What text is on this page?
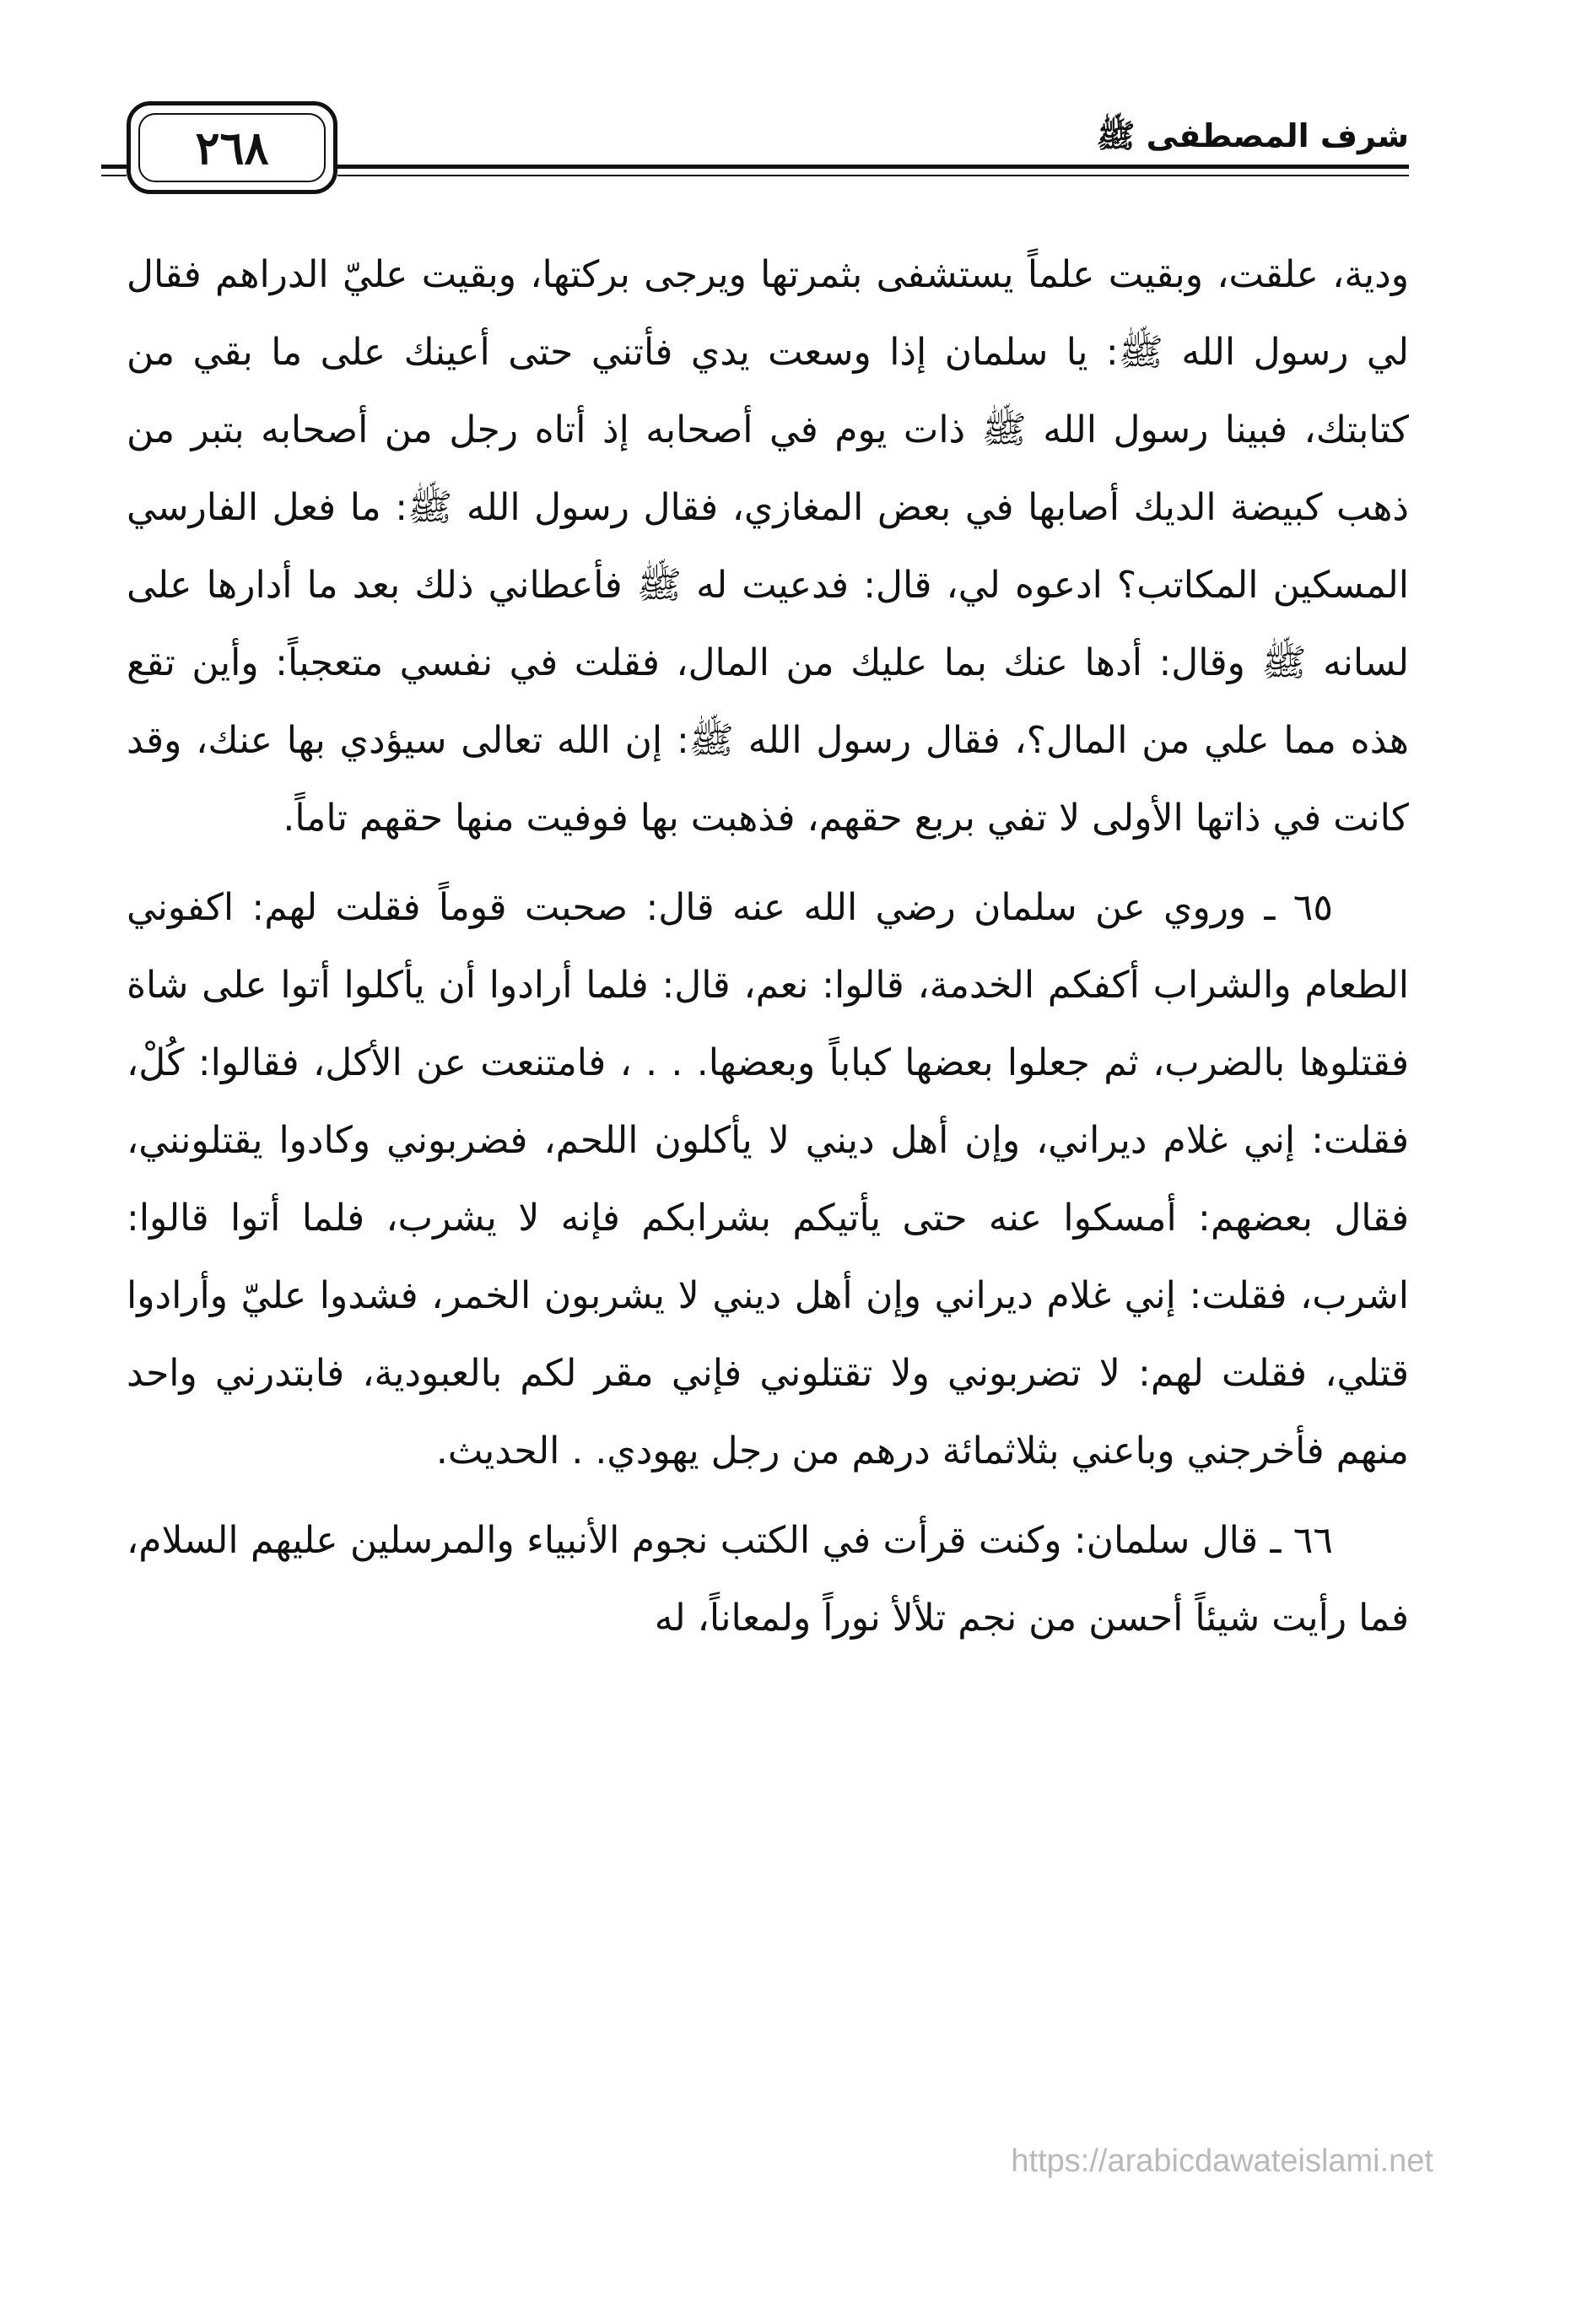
٢٦٨	شرف المصطفى ﷺ

ودية، علقت، وبقيت علماً يستشفى بثمرتها ويرجى بركتها، وبقيت عليّ الدراهم فقال لي رسول الله ﷺ: يا سلمان إذا وسعت يدي فأتني حتى أعينك على ما بقي من كتابتك، فبينا رسول الله ﷺ ذات يوم في أصحابه إذ أتاه رجل من أصحابه بتبر من ذهب كبيضة الديك أصابها في بعض المغازي، فقال رسول الله ﷺ: ما فعل الفارسي المسكين المكاتب؟ ادعوه لي، قال: فدعيت له ﷺ فأعطاني ذلك بعد ما أدارها على لسانه ﷺ وقال: أدها عنك بما عليك من المال، فقلت في نفسي متعجباً: وأين تقع هذه مما علي من المال؟، فقال رسول الله ﷺ: إن الله تعالى سيؤدي بها عنك، وقد كانت في ذاتها الأولى لا تفي بربع حقهم، فذهبت بها فوفيت منها حقهم تاماً.

٦٥ ـ وروي عن سلمان رضي الله عنه قال: صحبت قوماً فقلت لهم: اكفوني الطعام والشراب أكفكم الخدمة، قالوا: نعم، قال: فلما أرادوا أن يأكلوا أتوا على شاة فقتلوها بالضرب، ثم جعلوا بعضها كباباً وبعضها. . . ، فامتنعت عن الأكل، فقالوا: كُلْ، فقلت: إني غلام ديراني، وإن أهل ديني لا يأكلون اللحم، فضربوني وكادوا يقتلونني، فقال بعضهم: أمسكوا عنه حتى يأتيكم بشرابكم فإنه لا يشرب، فلما أتوا قالوا: اشرب، فقلت: إني غلام ديراني وإن أهل ديني لا يشربون الخمر، فشدوا عليّ وأرادوا قتلي، فقلت لهم: لا تضربوني ولا تقتلوني فإني مقر لكم بالعبودية، فابتدرني واحد منهم فأخرجني وباعني بثلاثمائة درهم من رجل يهودي. . الحديث.

٦٦ ـ قال سلمان: وكنت قرأت في الكتب نجوم الأنبياء والمرسلين عليهم السلام، فما رأيت شيئاً أحسن من نجم تلألأ نوراً ولمعاناً، له

https://arabicdawateislami.net
